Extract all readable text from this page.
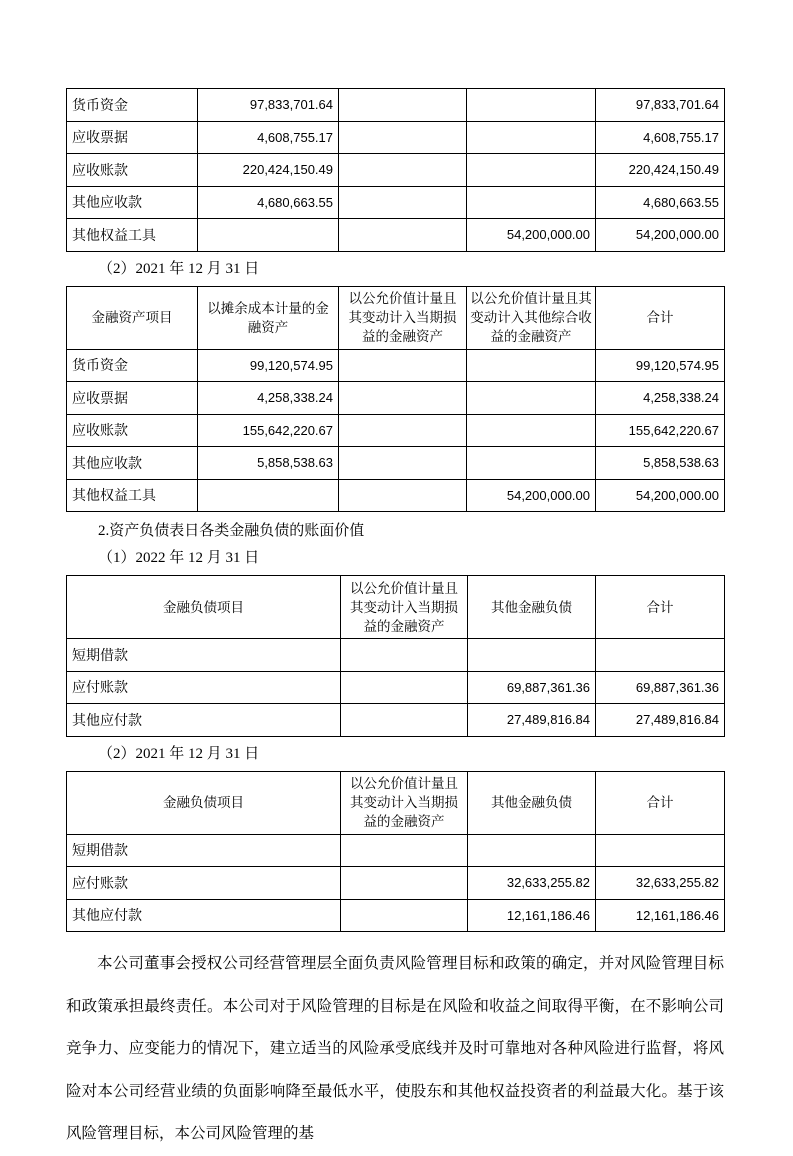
货币资金	97,833,701.64			97,833,701.64
应收票据	4,608,755.17			4,608,755.17
应收账款	220,424,150.49			220,424,150.49
其他应收款	4,680,663.55			4,680,663.55
其他权益工具			54,200,000.00	54,200,000.00

（2）2021 年 12 月 31 日

金融资产项目	以摊余成本计量的金融资产	以公允价值计量且其变动计入当期损益的金融资产	以公允价值计量且其变动计入其他综合收益的金融资产	合计
货币资金	99,120,574.95			99,120,574.95
应收票据	4,258,338.24			4,258,338.24
应收账款	155,642,220.67			155,642,220.67
其他应收款	5,858,538.63			5,858,538.63
其他权益工具			54,200,000.00	54,200,000.00

2.资产负债表日各类金融负债的账面价值

（1）2022 年 12 月 31 日

金融负债项目	以公允价值计量且其变动计入当期损益的金融资产	其他金融负债	合计
短期借款			
应付账款		69,887,361.36	69,887,361.36
其他应付款		27,489,816.84	27,489,816.84

（2）2021 年 12 月 31 日

金融负债项目	以公允价值计量且其变动计入当期损益的金融资产	其他金融负债	合计
短期借款			
应付账款		32,633,255.82	32,633,255.82
其他应付款		12,161,186.46	12,161,186.46

本公司董事会授权公司经营管理层全面负责风险管理目标和政策的确定，并对风险管理目标和政策承担最终责任。本公司对于风险管理的目标是在风险和收益之间取得平衡，在不影响公司竞争力、应变能力的情况下，建立适当的风险承受底线并及时可靠地对各种风险进行监督，将风险对本公司经营业绩的负面影响降至最低水平，使股东和其他权益投资者的利益最大化。基于该风险管理目标，本公司风险管理的基
